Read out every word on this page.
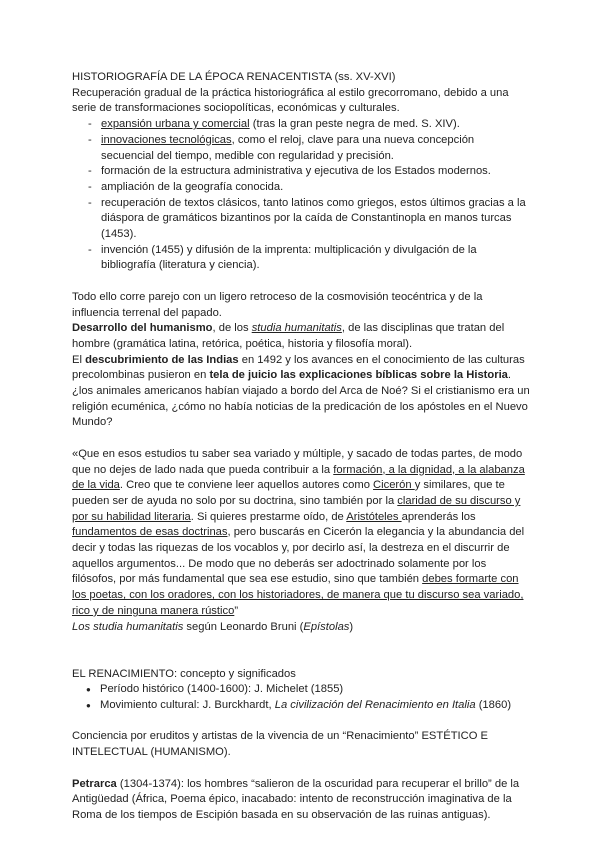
HISTORIOGRAFÍA DE LA ÉPOCA RENACENTISTA (ss. XV-XVI)

Recuperación gradual de la práctica historiográfica al estilo grecorromano, debido a una serie de transformaciones sociopolíticas, económicas y culturales.

- expansión urbana y comercial (tras la gran peste negra de med. S. XIV).
- innovaciones tecnológicas, como el reloj, clave para una nueva concepción secuencial del tiempo, medible con regularidad y precisión.
- formación de la estructura administrativa y ejecutiva de los Estados modernos.
- ampliación de la geografía conocida.
- recuperación de textos clásicos, tanto latinos como griegos, estos últimos gracias a la diáspora de gramáticos bizantinos por la caída de Constantinopla en manos turcas (1453).
- invención (1455) y difusión de la imprenta: multiplicación y divulgación de la bibliografía (literatura y ciencia).

Todo ello corre parejo con un ligero retroceso de la cosmovisión teocéntrica y de la influencia terrenal del papado.

Desarrollo del humanismo, de los studia humanitatis, de las disciplinas que tratan del hombre (gramática latina, retórica, poética, historia y filosofía moral).

El descubrimiento de las Indias en 1492 y los avances en el conocimiento de las culturas precolombinas pusieron en tela de juicio las explicaciones bíblicas sobre la Historia. ¿los animales americanos habían viajado a bordo del Arca de Noé? Si el cristianismo era un religión ecuménica, ¿cómo no había noticias de la predicación de los apóstoles en el Nuevo Mundo?

«Que en esos estudios tu saber sea variado y múltiple, y sacado de todas partes, de modo que no dejes de lado nada que pueda contribuir a la formación, a la dignidad, a la alabanza de la vida. Creo que te conviene leer aquellos autores como Cicerón y similares, que te pueden ser de ayuda no solo por su doctrina, sino también por la claridad de su discurso y por su habilidad literaria. Si quieres prestarme oído, de Aristóteles aprenderás los fundamentos de esas doctrinas, pero buscarás en Cicerón la elegancia y la abundancia del decir y todas las riquezas de los vocablos y, por decirlo así, la destreza en el discurrir de aquellos argumentos... De modo que no deberás ser adoctrinado solamente por los filósofos, por más fundamental que sea ese estudio, sino que también debes formarte con los poetas, con los oradores, con los historiadores, de manera que tu discurso sea variado, rico y de ninguna manera rústico”

Los studia humanitatis según Leonardo Bruni (Epístolas)

EL RENACIMIENTO: concepto y significados

● Período histórico (1400-1600): J. Michelet (1855)
● Movimiento cultural: J. Burckhardt, La civilización del Renacimiento en Italia (1860)

Conciencia por eruditos y artistas de la vivencia de un “Renacimiento” ESTÉTICO E INTELECTUAL (HUMANISMO).

Petrarca (1304-1374): los hombres “salieron de la oscuridad para recuperar el brillo” de la Antigüedad (África, Poema épico, inacabado: intento de reconstrucción imaginativa de la Roma de los tiempos de Escipión basada en su observación de las ruinas antiguas).
